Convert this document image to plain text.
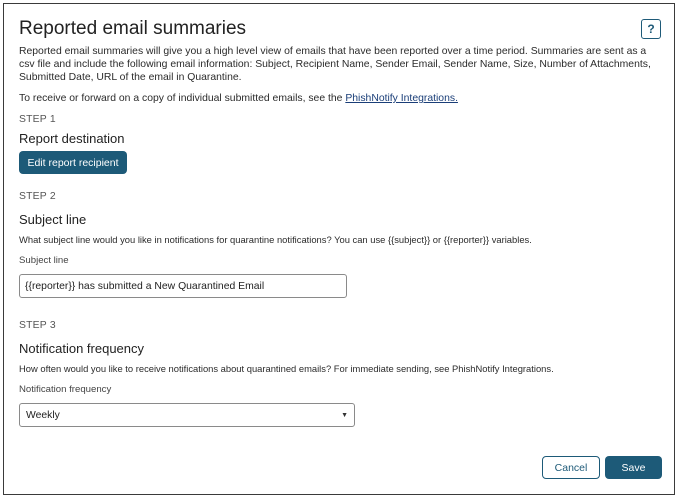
Reported email summaries	?

Reported email summaries will give you a high level view of emails that have been reported over a time period. Summaries are sent as a csv file and include the following email information: Subject, Recipient Name, Sender Email, Sender Name, Size, Number of Attachments, Submitted Date, URL of the email in Quarantine.

To receive or forward on a copy of individual submitted emails, see the PhishNotify Integrations.

STEP 1

Report destination
Edit report recipient

STEP 2

Subject line

What subject line would you like in notifications for quarantine notifications? You can use {{subject}} or {{reporter}} variables.

Subject line

{{reporter}} has submitted a New Quarantined Email

STEP 3

Notification frequency

How often would you like to receive notifications about quarantined emails? For immediate sending, see PhishNotify Integrations.

Notification frequency

Weekly	▼
Cancel	Save
